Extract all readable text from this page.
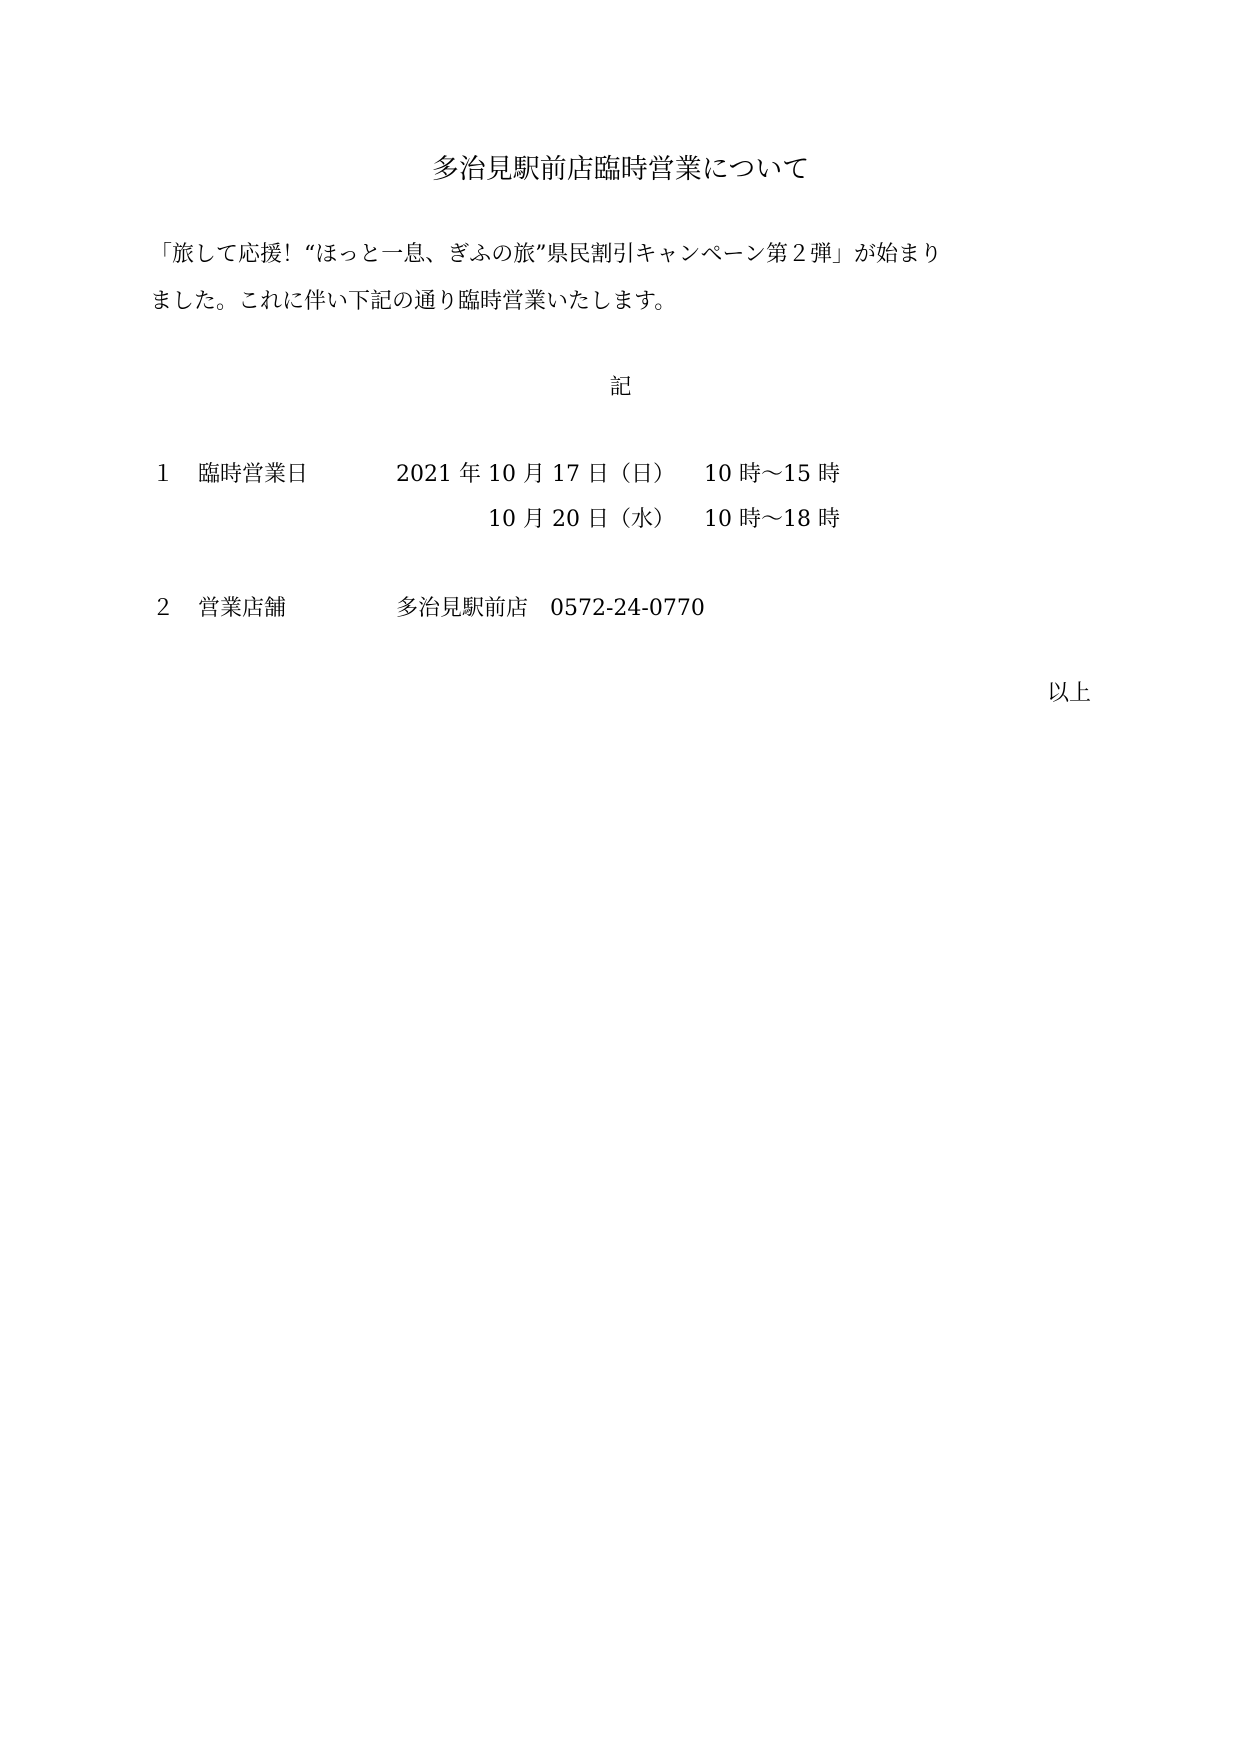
多治見駅前店臨時営業について
「旅して応援！“ほっと一息、ぎふの旅”県民割引キャンペーン第２弾」が始まり
ました。これに伴い下記の通り臨時営業いたします。
記
１ 臨時営業日	2021 年 10 月 17 日（日） 10 時〜15 時
10 月 20 日（水） 10 時〜18 時
２ 営業店舗	多治見駅前店　0572-24-0770
以上
